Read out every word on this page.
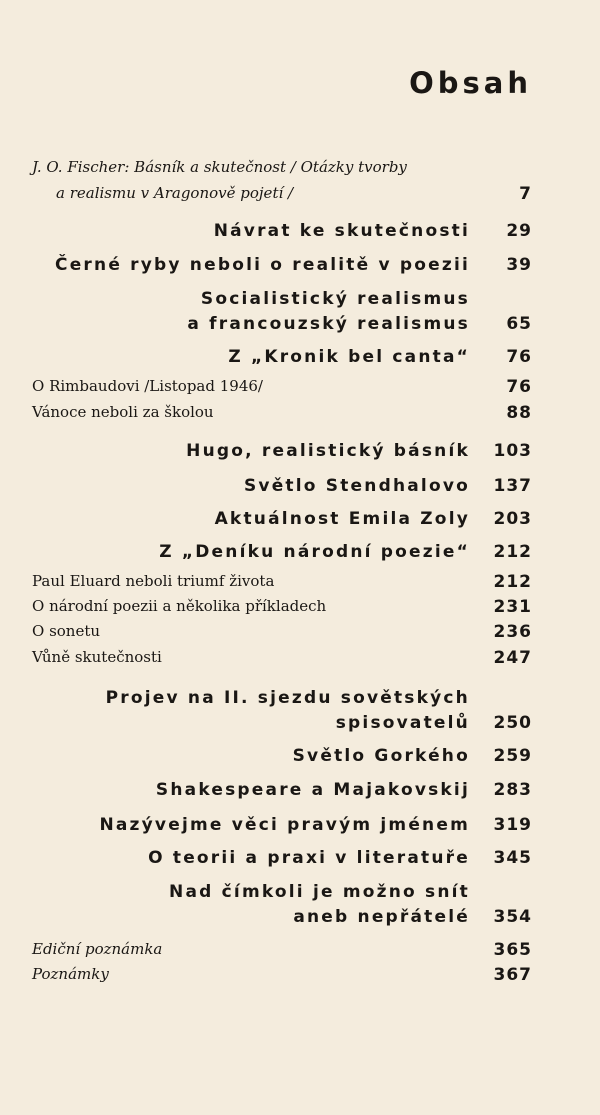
Obsah
J. O. Fischer: Básník a skutečnost / Otázky tvorby
a realismu v Aragonově pojetí /	7
Návrat ke skutečnosti	29
Černé ryby neboli o realitě v poezii	39
Socialistický realismus
a francouzský realismus	65
Z „Kronik bel canta“	76
O Rimbaudovi /Listopad 1946/	76
Vánoce neboli za školou	88
Hugo, realistický básník	103
Světlo Stendhalovo	137
Aktuálnost Emila Zoly	203
Z „Deníku národní poezie“	212
Paul Eluard neboli triumf života	212
O národní poezii a několika příkladech	231
O sonetu	236
Vůně skutečnosti	247
Projev na II. sjezdu sovětských
spisovatelů	250
Světlo Gorkého	259
Shakespeare a Majakovskij	283
Nazývejme věci pravým jménem	319
O teorii a praxi v literatuře	345
Nad čímkoli je možno snít
aneb nepřátelé	354
Ediční poznámka	365
Poznámky	367
